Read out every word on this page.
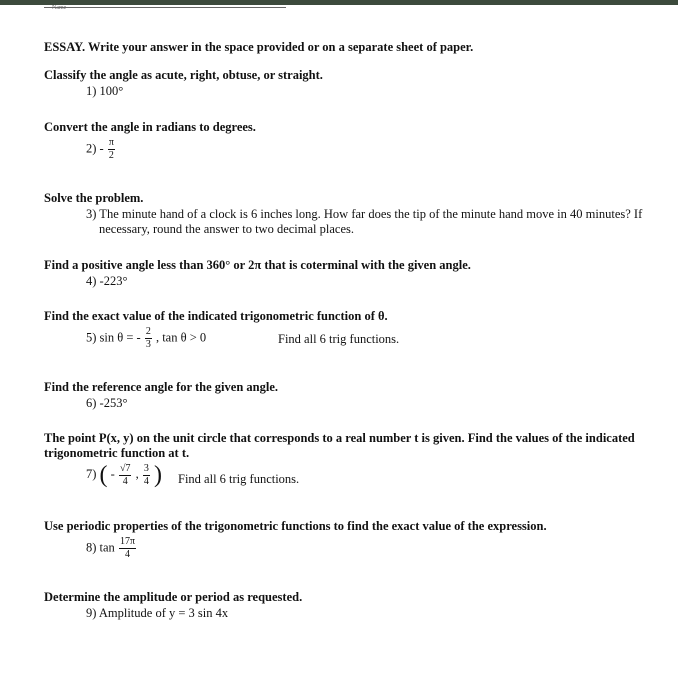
Name
ESSAY. Write your answer in the space provided or on a separate sheet of paper.
Classify the angle as acute, right, obtuse, or straight.
1) 100°
Convert the angle in radians to degrees.
$2) - \frac{\pi}{2}$
Solve the problem.
3) The minute hand of a clock is 6 inches long. How far does the tip of the minute hand move in 40 minutes? If
necessary, round the answer to two decimal places.
Find a positive angle less than 360° or 2π that is coterminal with the given angle.
4) -223°
Find the exact value of the indicated trigonometric function of θ.
5) sin θ = - $\frac{2}{3}$ , tan θ > 0	Find all 6 trig functions.
Find the reference angle for the given angle.
6) -253°
The point P(x, y) on the unit circle that corresponds to a real number t is given. Find the values of the indicated
trigonometric function at t.
7) ( - $\frac{√7}{4}$ , $\frac{3}{4}$ ) Find all 6 trig functions.
Use periodic properties of the trigonometric functions to find the exact value of the expression.
8) $\tan \frac{17\pi}{4}$
Determine the amplitude or period as requested.
9) Amplitude of y = 3 sin 4x
